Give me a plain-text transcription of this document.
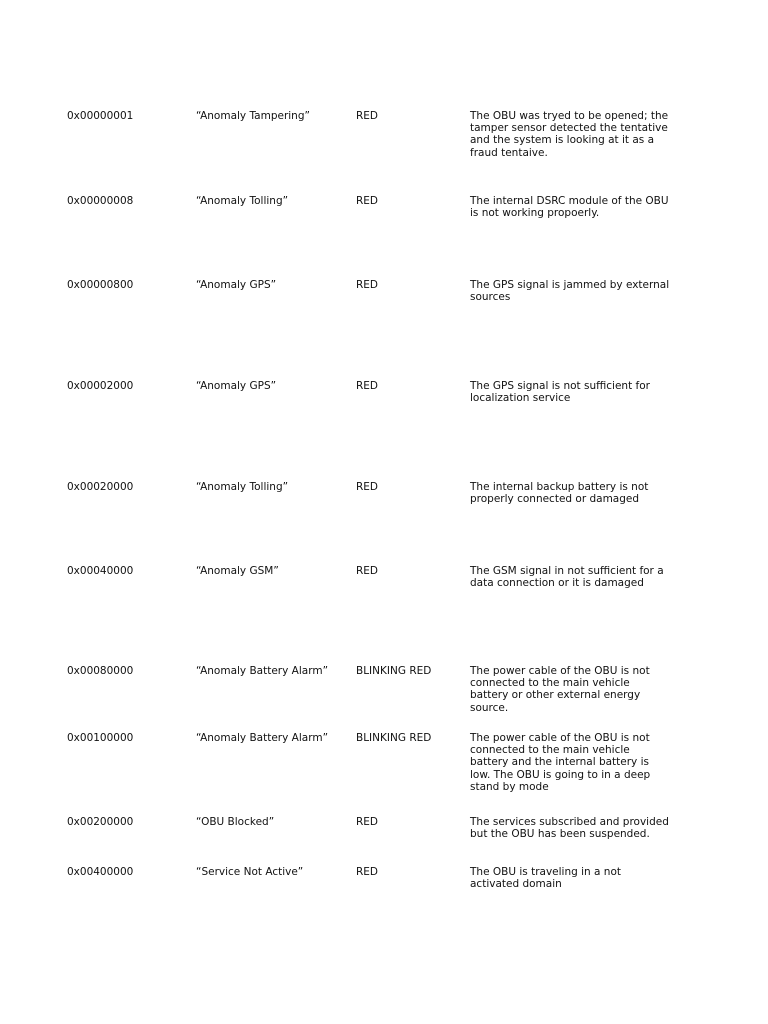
0x00000001	“Anomaly Tampering”	RED	The OBU was tryed to be opened; the
tamper sensor detected the tentative
and the system is looking at it as a
fraud tentaive.
0x00000008	“Anomaly Tolling”	RED	The internal DSRC module of the OBU
is not working propoerly.
0x00000800	“Anomaly GPS”	RED	The GPS signal is jammed by external
sources
0x00002000	“Anomaly GPS”	RED	The GPS signal is not sufficient for
localization service
0x00020000	“Anomaly Tolling”	RED	The internal backup battery is not
properly connected or damaged
0x00040000	“Anomaly GSM”	RED	The GSM signal in not sufficient for a
data connection or it is damaged
0x00080000	“Anomaly Battery Alarm”	BLINKING RED	The power cable of the OBU is not
connected to the main vehicle
battery or other external energy
source.
0x00100000	“Anomaly Battery Alarm”	BLINKING RED	The power cable of the OBU is not
connected to the main vehicle
battery and the internal battery is
low. The OBU is going to in a deep
stand by mode
0x00200000	“OBU Blocked”	RED	The services subscribed and provided
but the OBU has been suspended.
0x00400000	“Service Not Active”	RED	The OBU is traveling in a not
activated domain
